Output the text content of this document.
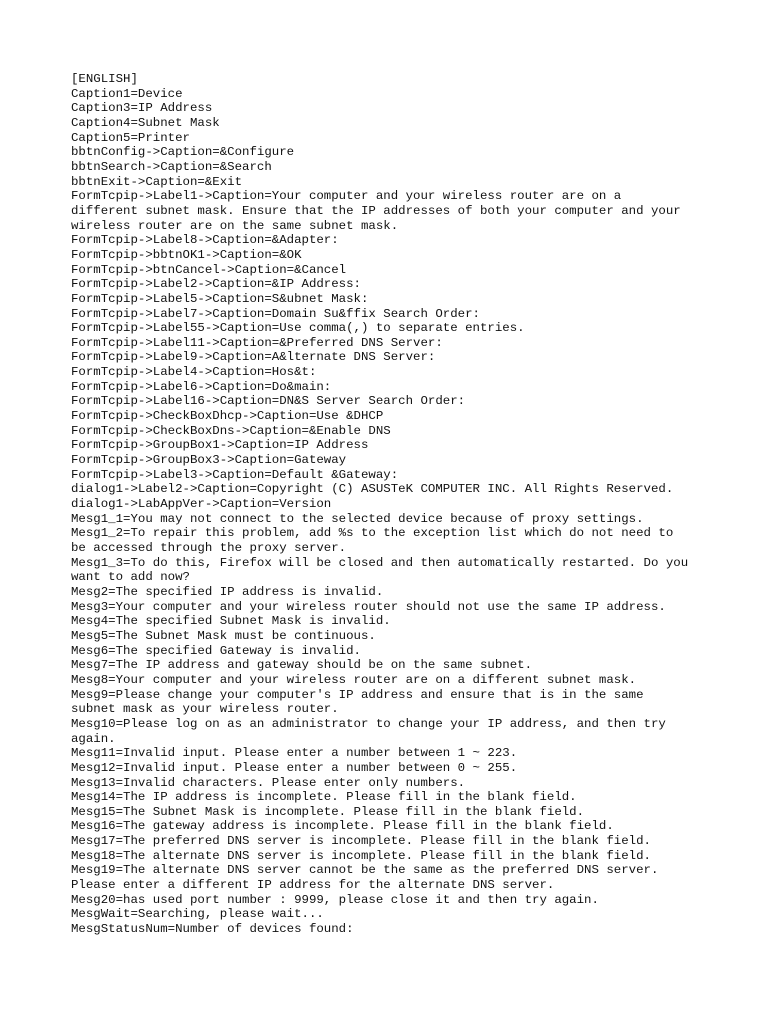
[ENGLISH]
Caption1=Device
Caption3=IP Address
Caption4=Subnet Mask
Caption5=Printer
bbtnConfig->Caption=&Configure
bbtnSearch->Caption=&Search
bbtnExit->Caption=&Exit
FormTcpip->Label1->Caption=Your computer and your wireless router are on a
different subnet mask. Ensure that the IP addresses of both your computer and your
wireless router are on the same subnet mask.
FormTcpip->Label8->Caption=&Adapter:
FormTcpip->bbtnOK1->Caption=&OK
FormTcpip->btnCancel->Caption=&Cancel
FormTcpip->Label2->Caption=&IP Address:
FormTcpip->Label5->Caption=S&ubnet Mask:
FormTcpip->Label7->Caption=Domain Su&ffix Search Order:
FormTcpip->Label55->Caption=Use comma(,) to separate entries.
FormTcpip->Label11->Caption=&Preferred DNS Server:
FormTcpip->Label9->Caption=A&lternate DNS Server:
FormTcpip->Label4->Caption=Hos&t:
FormTcpip->Label6->Caption=Do&main:
FormTcpip->Label16->Caption=DN&S Server Search Order:
FormTcpip->CheckBoxDhcp->Caption=Use &DHCP
FormTcpip->CheckBoxDns->Caption=&Enable DNS
FormTcpip->GroupBox1->Caption=IP Address
FormTcpip->GroupBox3->Caption=Gateway
FormTcpip->Label3->Caption=Default &Gateway:
dialog1->Label2->Caption=Copyright (C) ASUSTeK COMPUTER INC. All Rights Reserved.
dialog1->LabAppVer->Caption=Version
Mesg1_1=You may not connect to the selected device because of proxy settings.
Mesg1_2=To repair this problem, add %s to the exception list which do not need to
be accessed through the proxy server.
Mesg1_3=To do this, Firefox will be closed and then automatically restarted. Do you
want to add now?
Mesg2=The specified IP address is invalid.
Mesg3=Your computer and your wireless router should not use the same IP address.
Mesg4=The specified Subnet Mask is invalid.
Mesg5=The Subnet Mask must be continuous.
Mesg6=The specified Gateway is invalid.
Mesg7=The IP address and gateway should be on the same subnet.
Mesg8=Your computer and your wireless router are on a different subnet mask.
Mesg9=Please change your computer's IP address and ensure that is in the same
subnet mask as your wireless router.
Mesg10=Please log on as an administrator to change your IP address, and then try
again.
Mesg11=Invalid input. Please enter a number between 1 ~ 223.
Mesg12=Invalid input. Please enter a number between 0 ~ 255.
Mesg13=Invalid characters. Please enter only numbers.
Mesg14=The IP address is incomplete. Please fill in the blank field.
Mesg15=The Subnet Mask is incomplete. Please fill in the blank field.
Mesg16=The gateway address is incomplete. Please fill in the blank field.
Mesg17=The preferred DNS server is incomplete. Please fill in the blank field.
Mesg18=The alternate DNS server is incomplete. Please fill in the blank field.
Mesg19=The alternate DNS server cannot be the same as the preferred DNS server.
Please enter a different IP address for the alternate DNS server.
Mesg20=has used port number : 9999, please close it and then try again.
MesgWait=Searching, please wait...
MesgStatusNum=Number of devices found:
